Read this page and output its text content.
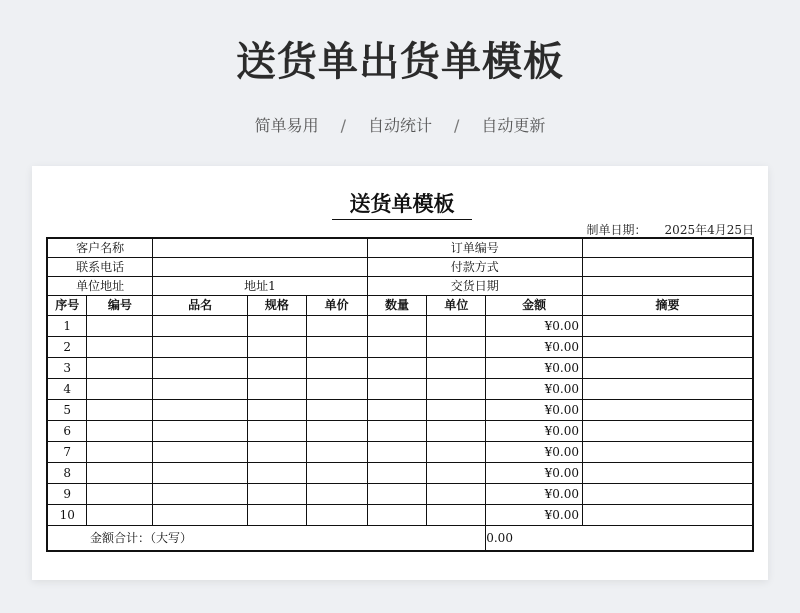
送货单出货单模板
简单易用 / 自动统计 / 自动更新
送货单模板
制单日期： 2025年4月25日
客户名称					订单编号			
联系电话					付款方式			
单位地址		地址1			交货日期			
序号	编号	品名	规格	单价	数量	单位	金额	摘要
1							¥0.00	
2							¥0.00	
3							¥0.00	
4							¥0.00	
5							¥0.00	
6							¥0.00	
7							¥0.00	
8							¥0.00	
9							¥0.00	
10							¥0.00	
金额合计：（大写）							0.00	
